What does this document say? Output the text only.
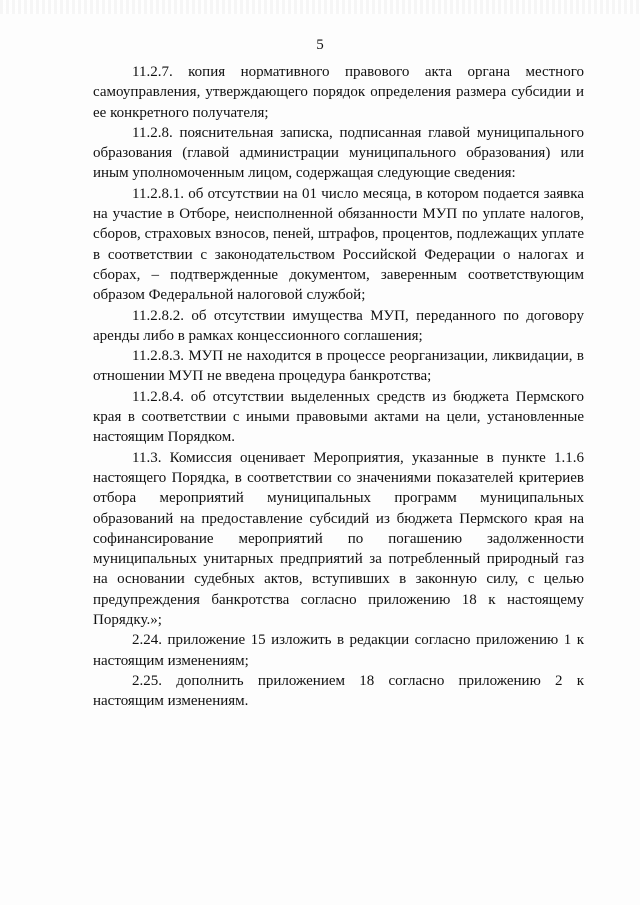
5

11.2.7. копия нормативного правового акта органа местного самоуправления, утверждающего порядок определения размера субсидии и ее конкретного получателя;

11.2.8. пояснительная записка, подписанная главой муниципального образования (главой администрации муниципального образования) или иным уполномоченным лицом, содержащая следующие сведения:

11.2.8.1. об отсутствии на 01 число месяца, в котором подается заявка на участие в Отборе, неисполненной обязанности МУП по уплате налогов, сборов, страховых взносов, пеней, штрафов, процентов, подлежащих уплате в соответствии с законодательством Российской Федерации о налогах и сборах, – подтвержденные документом, заверенным соответствующим образом Федеральной налоговой службой;

11.2.8.2. об отсутствии имущества МУП, переданного по договору аренды либо в рамках концессионного соглашения;

11.2.8.3. МУП не находится в процессе реорганизации, ликвидации, в отношении МУП не введена процедура банкротства;

11.2.8.4. об отсутствии выделенных средств из бюджета Пермского края в соответствии с иными правовыми актами на цели, установленные настоящим Порядком.

11.3. Комиссия оценивает Мероприятия, указанные в пункте 1.1.6 настоящего Порядка, в соответствии со значениями показателей критериев отбора мероприятий муниципальных программ муниципальных образований на предоставление субсидий из бюджета Пермского края на софинансирование мероприятий по погашению задолженности муниципальных унитарных предприятий за потребленный природный газ на основании судебных актов, вступивших в законную силу, с целью предупреждения банкротства согласно приложению 18 к настоящему Порядку.»;

2.24. приложение 15 изложить в редакции согласно приложению 1 к настоящим изменениям;

2.25. дополнить приложением 18 согласно приложению 2 к настоящим изменениям.
